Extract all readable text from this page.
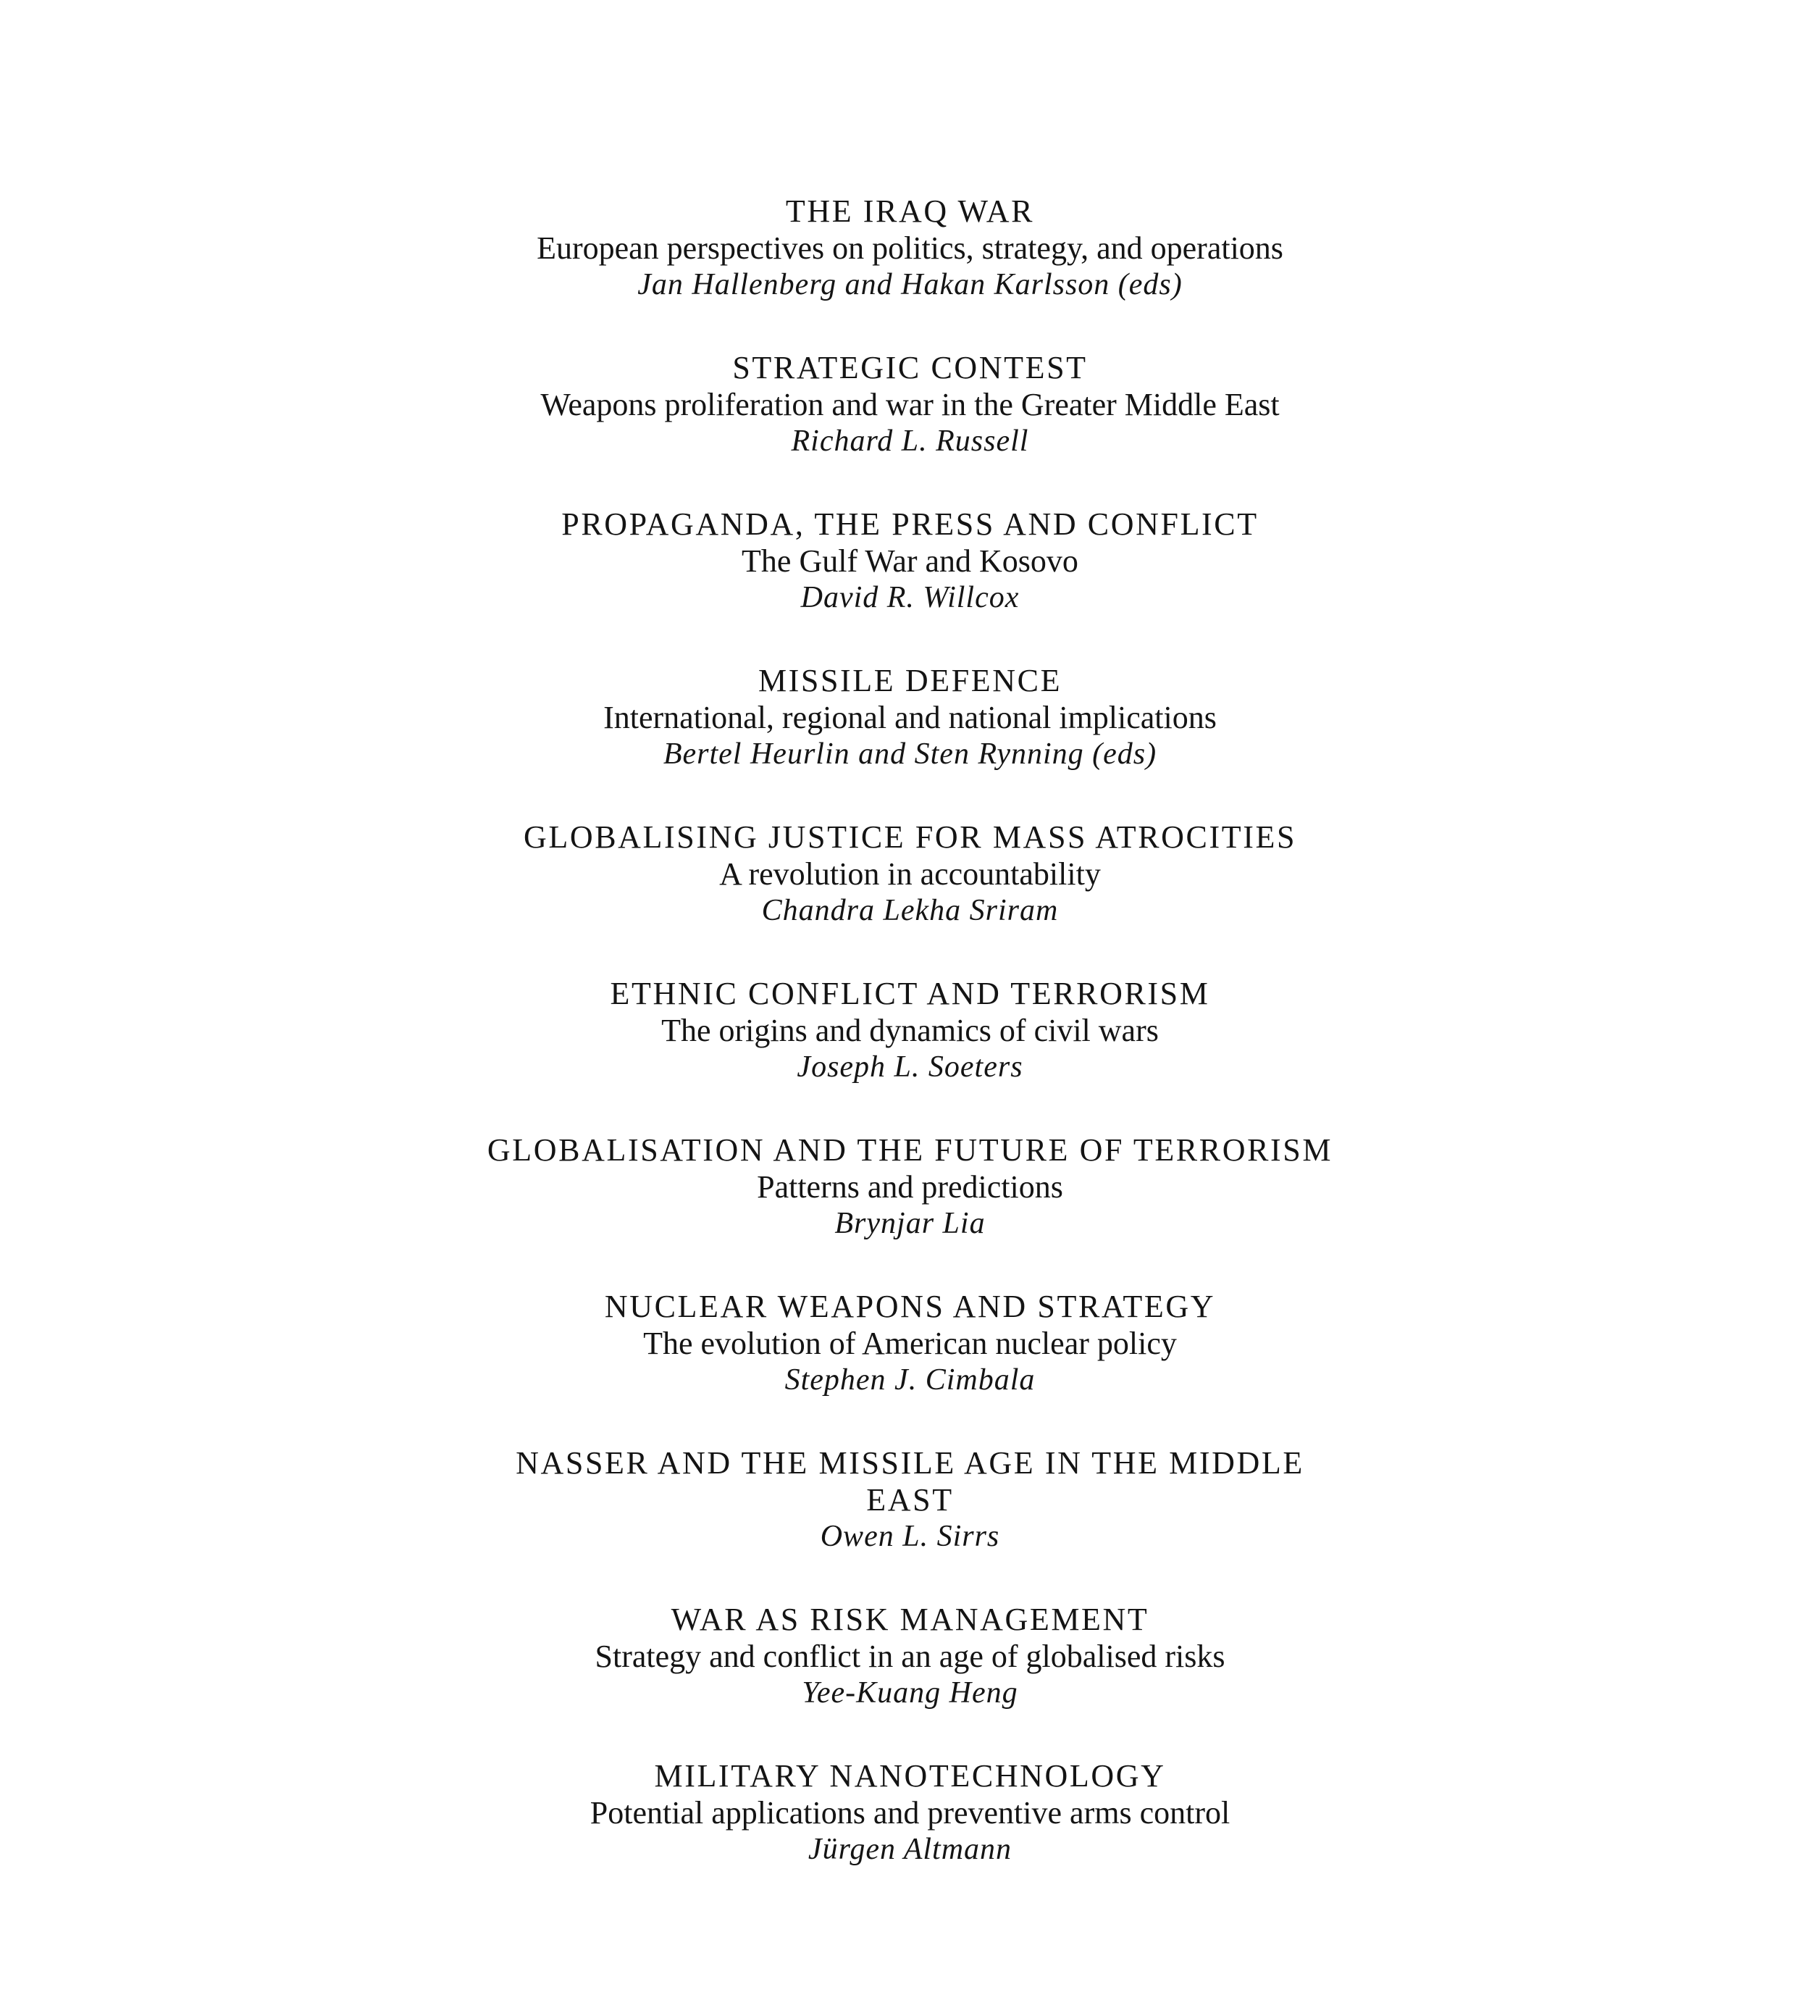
THE IRAQ WAR
European perspectives on politics, strategy, and operations
Jan Hallenberg and Hakan Karlsson (eds)
STRATEGIC CONTEST
Weapons proliferation and war in the Greater Middle East
Richard L. Russell
PROPAGANDA, THE PRESS AND CONFLICT
The Gulf War and Kosovo
David R. Willcox
MISSILE DEFENCE
International, regional and national implications
Bertel Heurlin and Sten Rynning (eds)
GLOBALISING JUSTICE FOR MASS ATROCITIES
A revolution in accountability
Chandra Lekha Sriram
ETHNIC CONFLICT AND TERRORISM
The origins and dynamics of civil wars
Joseph L. Soeters
GLOBALISATION AND THE FUTURE OF TERRORISM
Patterns and predictions
Brynjar Lia
NUCLEAR WEAPONS AND STRATEGY
The evolution of American nuclear policy
Stephen J. Cimbala
NASSER AND THE MISSILE AGE IN THE MIDDLE EAST
Owen L. Sirrs
WAR AS RISK MANAGEMENT
Strategy and conflict in an age of globalised risks
Yee-Kuang Heng
MILITARY NANOTECHNOLOGY
Potential applications and preventive arms control
Jürgen Altmann
